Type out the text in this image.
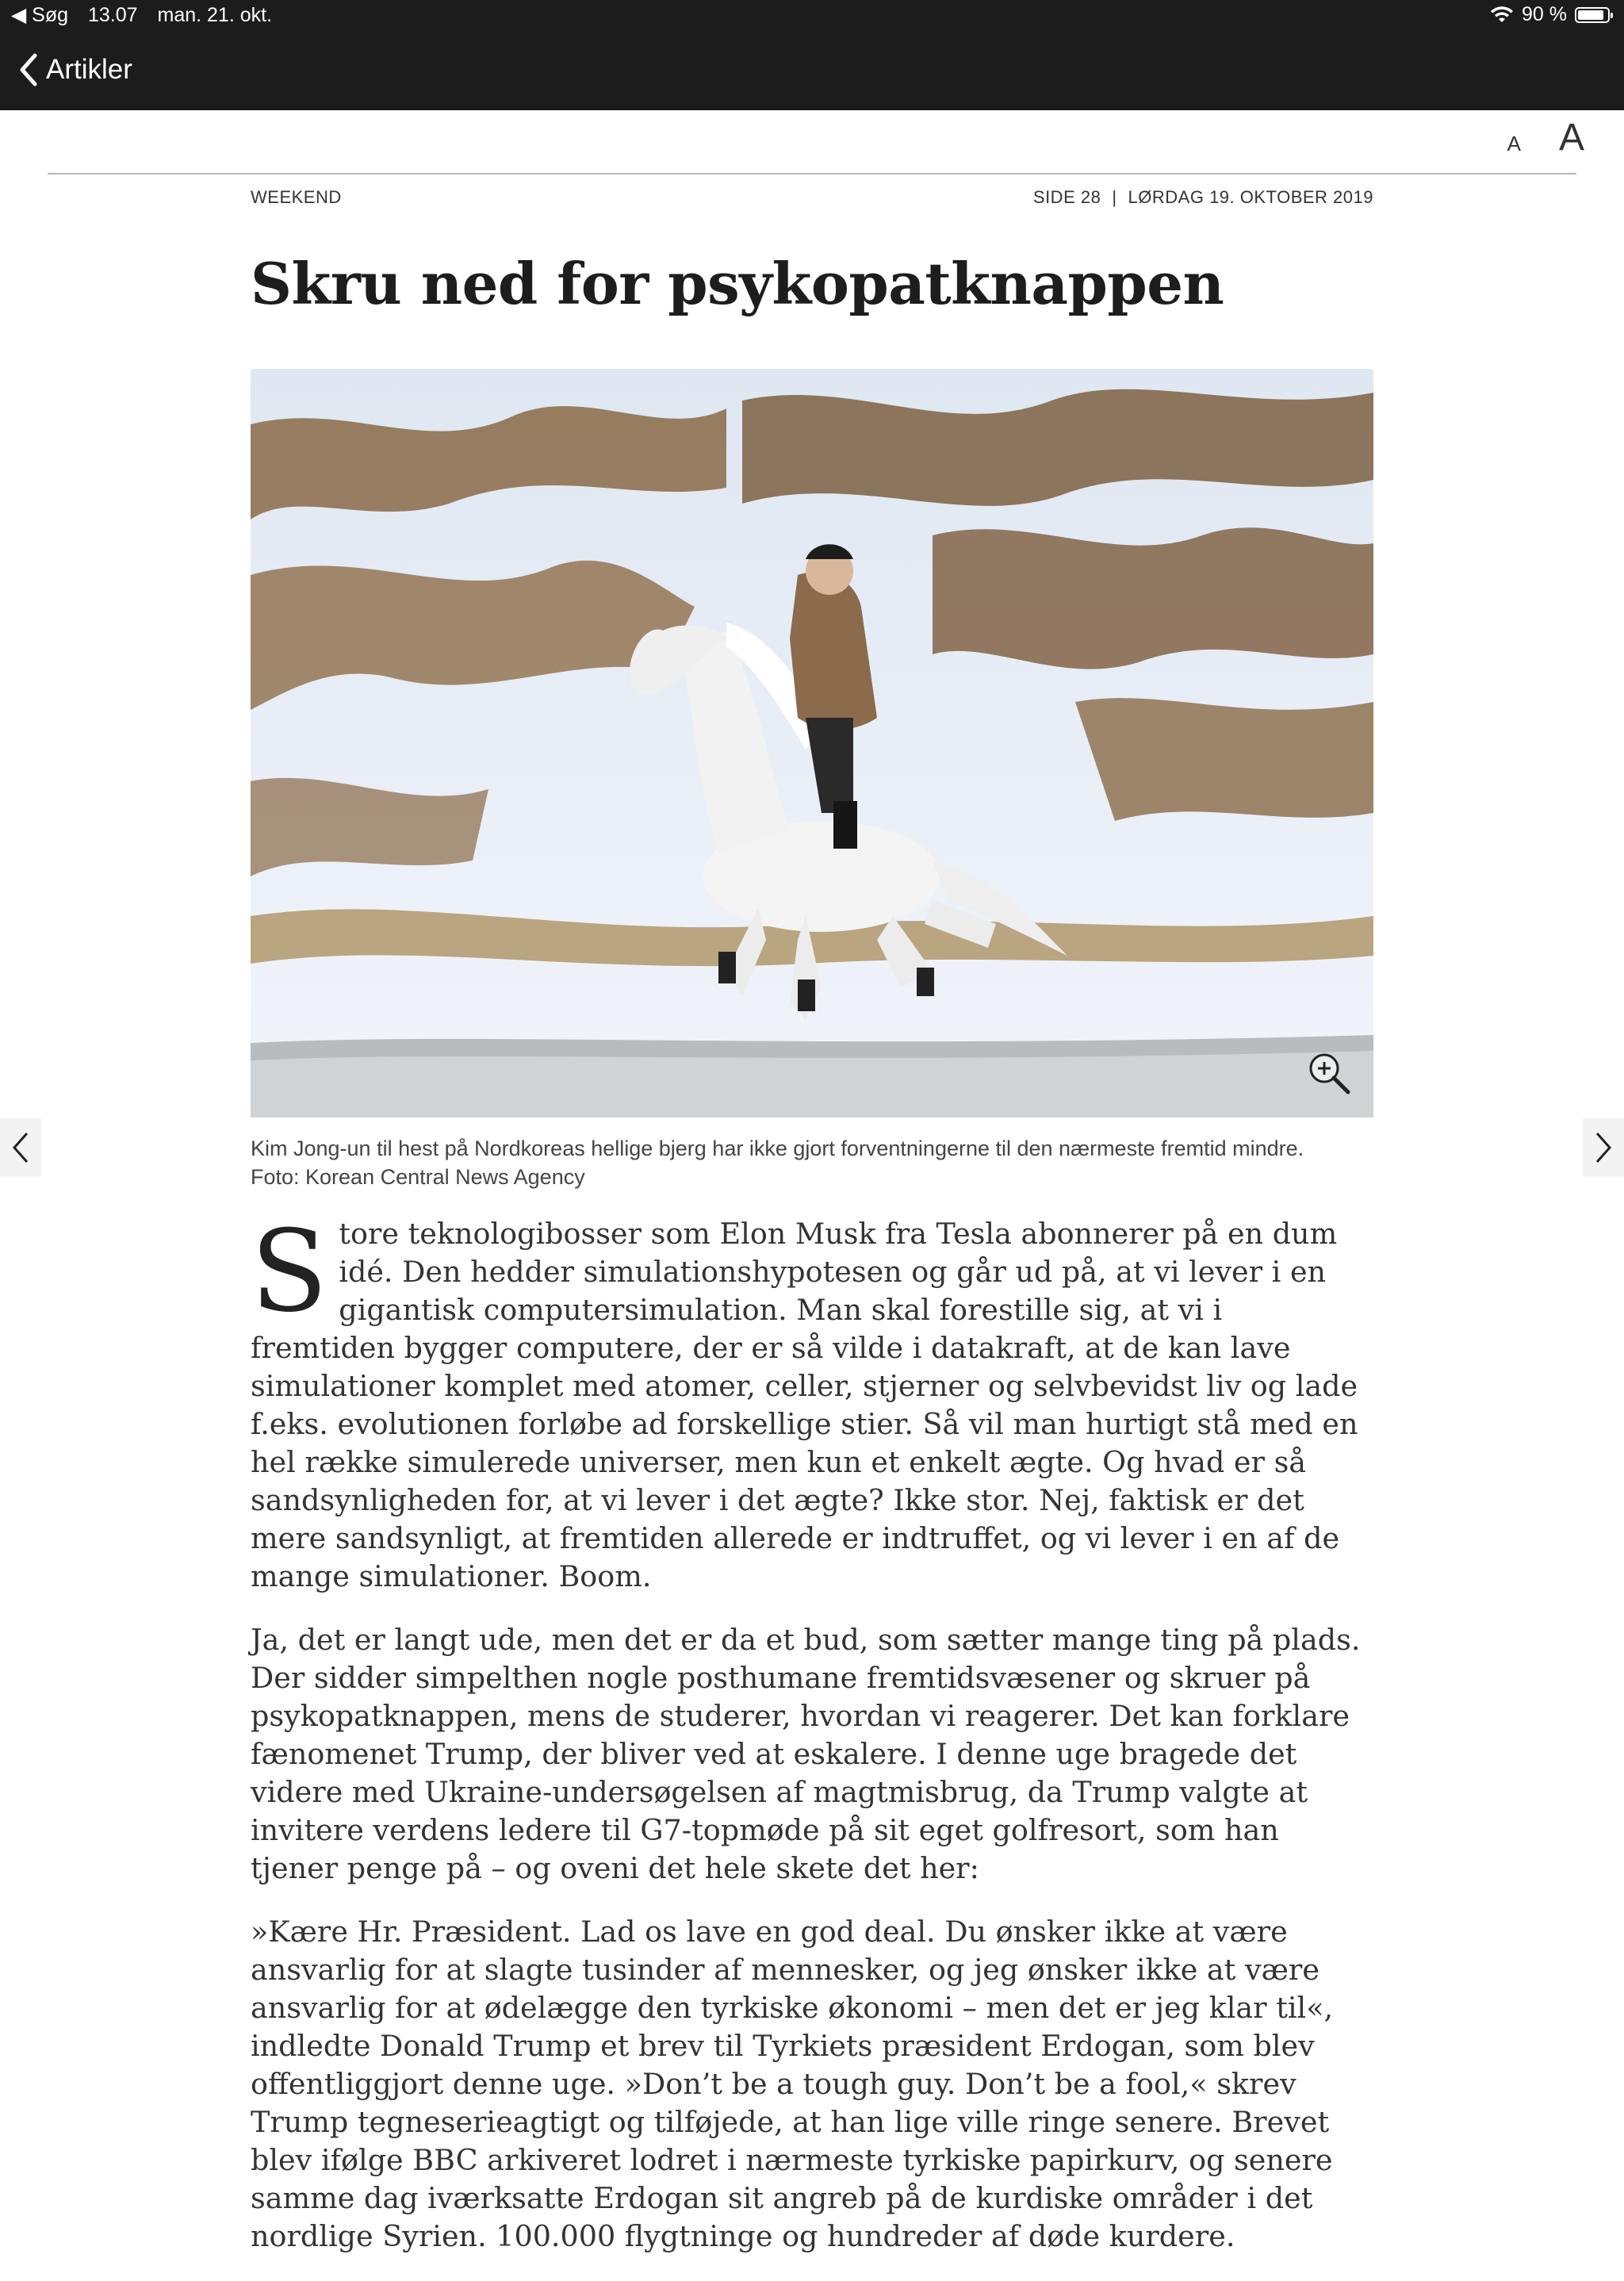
◀ Søg 13.07 man. 21. okt.	90 %
Artikler
A A
WEEKEND	SIDE 28 | LØRDAG 19. OKTOBER 2019
Skru ned for psykopatknappen
Kim Jong-un til hest på Nordkoreas hellige bjerg har ikke gjort forventningerne til den nærmeste fremtid mindre.
Foto: Korean Central News Agency

Store teknologibosser som Elon Musk fra Tesla abonnerer på en dum idé. Den hedder simulationshypotesen og går ud på, at vi lever i en gigantisk computersimulation. Man skal forestille sig, at vi i fremtiden bygger computere, der er så vilde i datakraft, at de kan lave simulationer komplet med atomer, celler, stjerner og selvbevidst liv og lade f.eks. evolutionen forløbe ad forskellige stier. Så vil man hurtigt stå med en hel række simulerede universer, men kun et enkelt ægte. Og hvad er så sandsynligheden for, at vi lever i det ægte? Ikke stor. Nej, faktisk er det mere sandsynligt, at fremtiden allerede er indtruffet, og vi lever i en af de mange simulationer. Boom.

Ja, det er langt ude, men det er da et bud, som sætter mange ting på plads. Der sidder simpelthen nogle posthumane fremtidsvæsener og skruer på psykopatknappen, mens de studerer, hvordan vi reagerer. Det kan forklare fænomenet Trump, der bliver ved at eskalere. I denne uge bragede det videre med Ukraine-undersøgelsen af magtmisbrug, da Trump valgte at invitere verdens ledere til G7-topmøde på sit eget golfresort, som han tjener penge på – og oveni det hele skete det her:

»Kære Hr. Præsident. Lad os lave en god deal. Du ønsker ikke at være ansvarlig for at slagte tusinder af mennesker, og jeg ønsker ikke at være ansvarlig for at ødelægge den tyrkiske økonomi – men det er jeg klar til«, indledte Donald Trump et brev til Tyrkiets præsident Erdogan, som blev offentliggjort denne uge. »Don’t be a tough guy. Don’t be a fool,« skrev Trump tegneserieagtigt og tilføjede, at han lige ville ringe senere. Brevet blev ifølge BBC arkiveret lodret i nærmeste tyrkiske papirkurv, og senere samme dag iværksatte Erdogan sit angreb på de kurdiske områder i det nordlige Syrien. 100.000 flygtninge og hundreder af døde kurdere.
